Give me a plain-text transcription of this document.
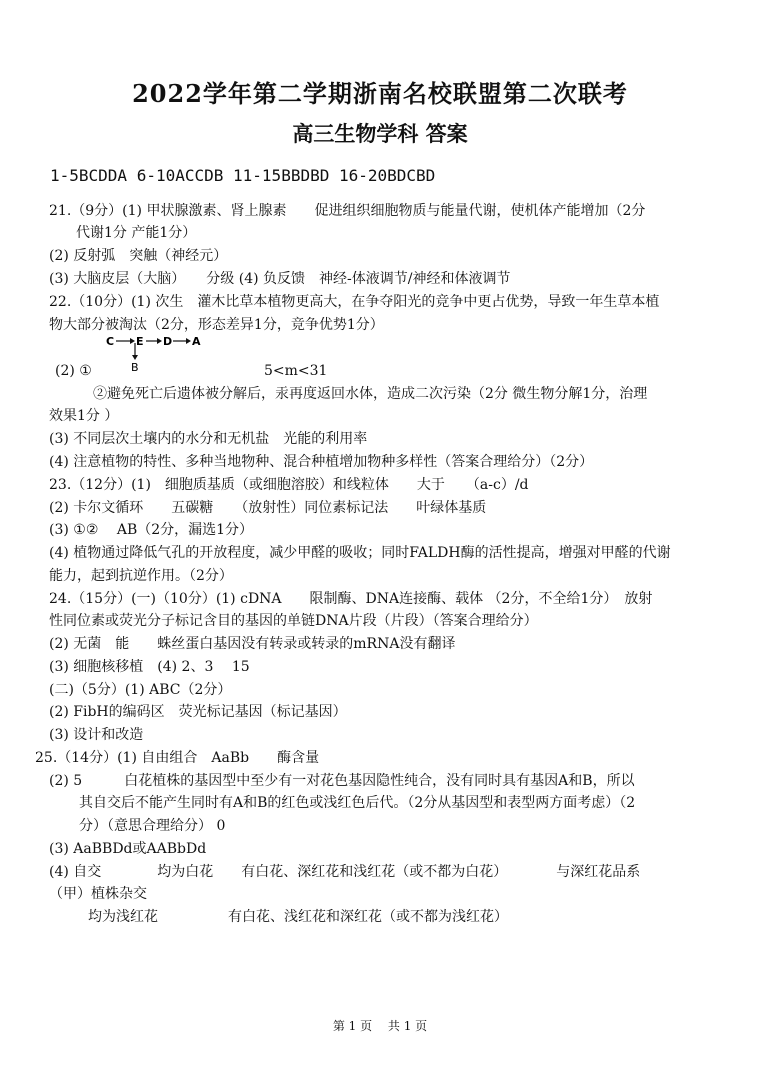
2022学年第二学期浙南名校联盟第二次联考
高三生物学科 答案

1-5BCDDA 6-10ACCDB 11-15BBDBD 16-20BDCBD

21.（9分）(1) 甲状腺激素、肾上腺素　　促进组织细胞物质与能量代谢，使机体产能增加（2分

代谢1分 产能1分）

(2) 反射弧　突触（神经元）

(3) 大脑皮层（大脑）　　分级 (4) 负反馈　神经-体液调节/神经和体液调节

22.（10分）(1) 次生　灌木比草本植物更高大，在争夺阳光的竞争中更占优势，导致一年生草本植

物大部分被淘汰（2分，形态差异1分，竞争优势1分）

C E D A
B

(2) ①	5<m<31

②避免死亡后遗体被分解后，汞再度返回水体，造成二次污染（2分 微生物分解1分，治理

效果1分 ）

(3) 不同层次土壤内的水分和无机盐　光能的利用率

(4) 注意植物的特性、多种当地物种、混合种植增加物种多样性（答案合理给分）（2分）

23.（12分）(1)　细胞质基质（或细胞溶胶）和线粒体　　大于　　（a-c）/d

(2) 卡尔文循环　　五碳糖　　（放射性）同位素标记法　　叶绿体基质

(3) ①②　 AB（2分，漏选1分）

(4) 植物通过降低气孔的开放程度，减少甲醛的吸收；同时FALDH酶的活性提高，增强对甲醛的代谢

能力，起到抗逆作用。（2分）

24.（15分）(一)（10分）(1) cDNA　　限制酶、DNA连接酶、载体 （2分，不全给1分）　放射

性同位素或荧光分子标记含目的基因的单链DNA片段（片段）（答案合理给分）

(2) 无菌　能　　蛛丝蛋白基因没有转录或转录的mRNA没有翻译

(3) 细胞核移植　(4) 2、3　 15

(二)（5分）(1) ABC（2分）

(2) FibH的编码区　荧光标记基因（标记基因）

(3) 设计和改造

25.（14分）(1) 自由组合　AaBb　　酶含量

(2) 5　　　白花植株的基因型中至少有一对花色基因隐性纯合，没有同时具有基因A和B，所以

其自交后不能产生同时有A和B的红色或浅红色后代。（2分从基因型和表型两方面考虑）（2

分）（意思合理给分） 0

(3) AaBBDd或AABbDd

(4) 自交　　　　均为白花　　有白花、深红花和浅红花（或不都为白花）　　　　与深红花品系

（甲）植株杂交

均为浅红花　　　　　有白花、浅红花和深红花（或不都为浅红花）

第 1 页 共 1 页
